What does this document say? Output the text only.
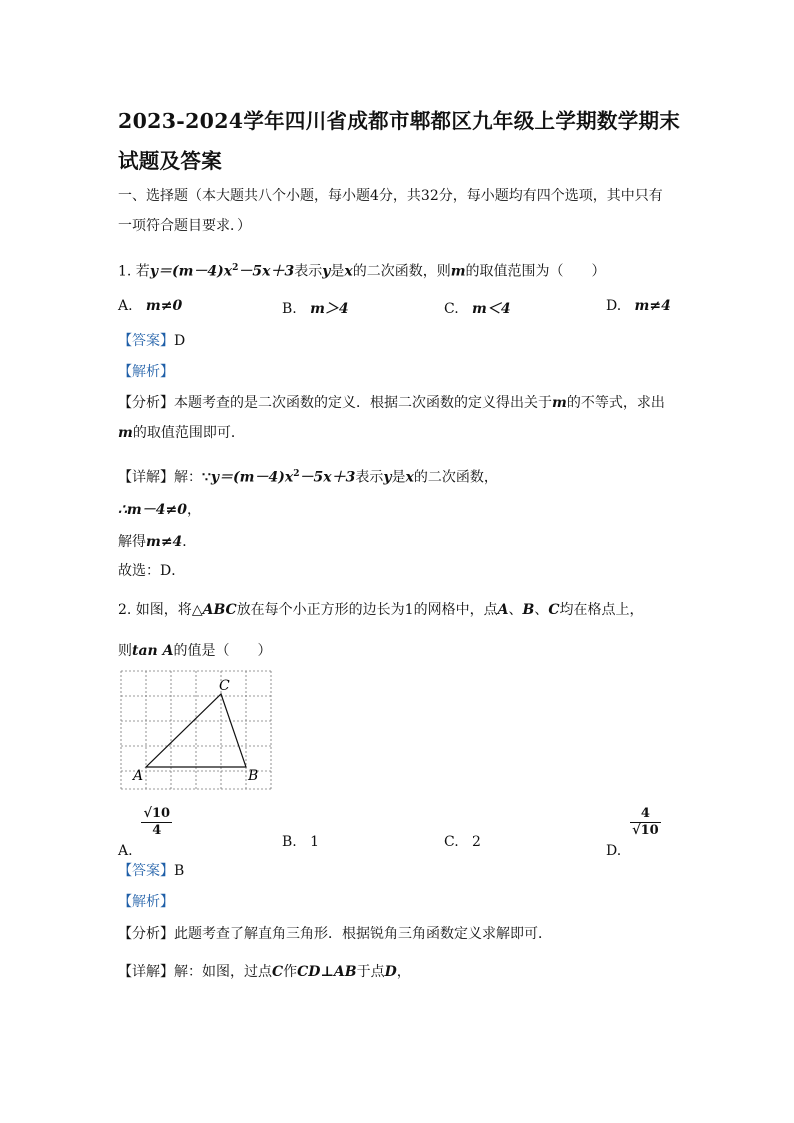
2023-2024学年四川省成都市郫都区九年级上学期数学期末试题及答案
一、选择题（本大题共八个小题，每小题4分，共32分，每小题均有四个选项，其中只有
一项符合题目要求．）
1. 若$y=(m-4)x^2-5x+3$表示y是x的二次函数，则m的取值范围为（　　）
A. m≠0	B. m＞4	C. m＜4	D. m≠4
【答案】D
【解析】
【分析】本题考查的是二次函数的定义．根据二次函数的定义得出关于m的不等式，求出
m的取值范围即可．
【详解】解：$\because y=(m-4)x^2-5x+3$表示y是x的二次函数，
∴m－4≠0，
解得m≠4．
故选：D．
2. 如图，将△ABC放在每个小正方形的边长为1的网格中，点A、B、C均在格点上，
则tan A的值是（　　）
A	B
C
A.
$\frac{√10}{4}$
B. 1	C. 2
D.
$\frac{4}{√10}$
【答案】B
【解析】
【分析】此题考查了解直角三角形．根据锐角三角函数定义求解即可．
【详解】解：如图，过点C作CD⊥AB于点D，
